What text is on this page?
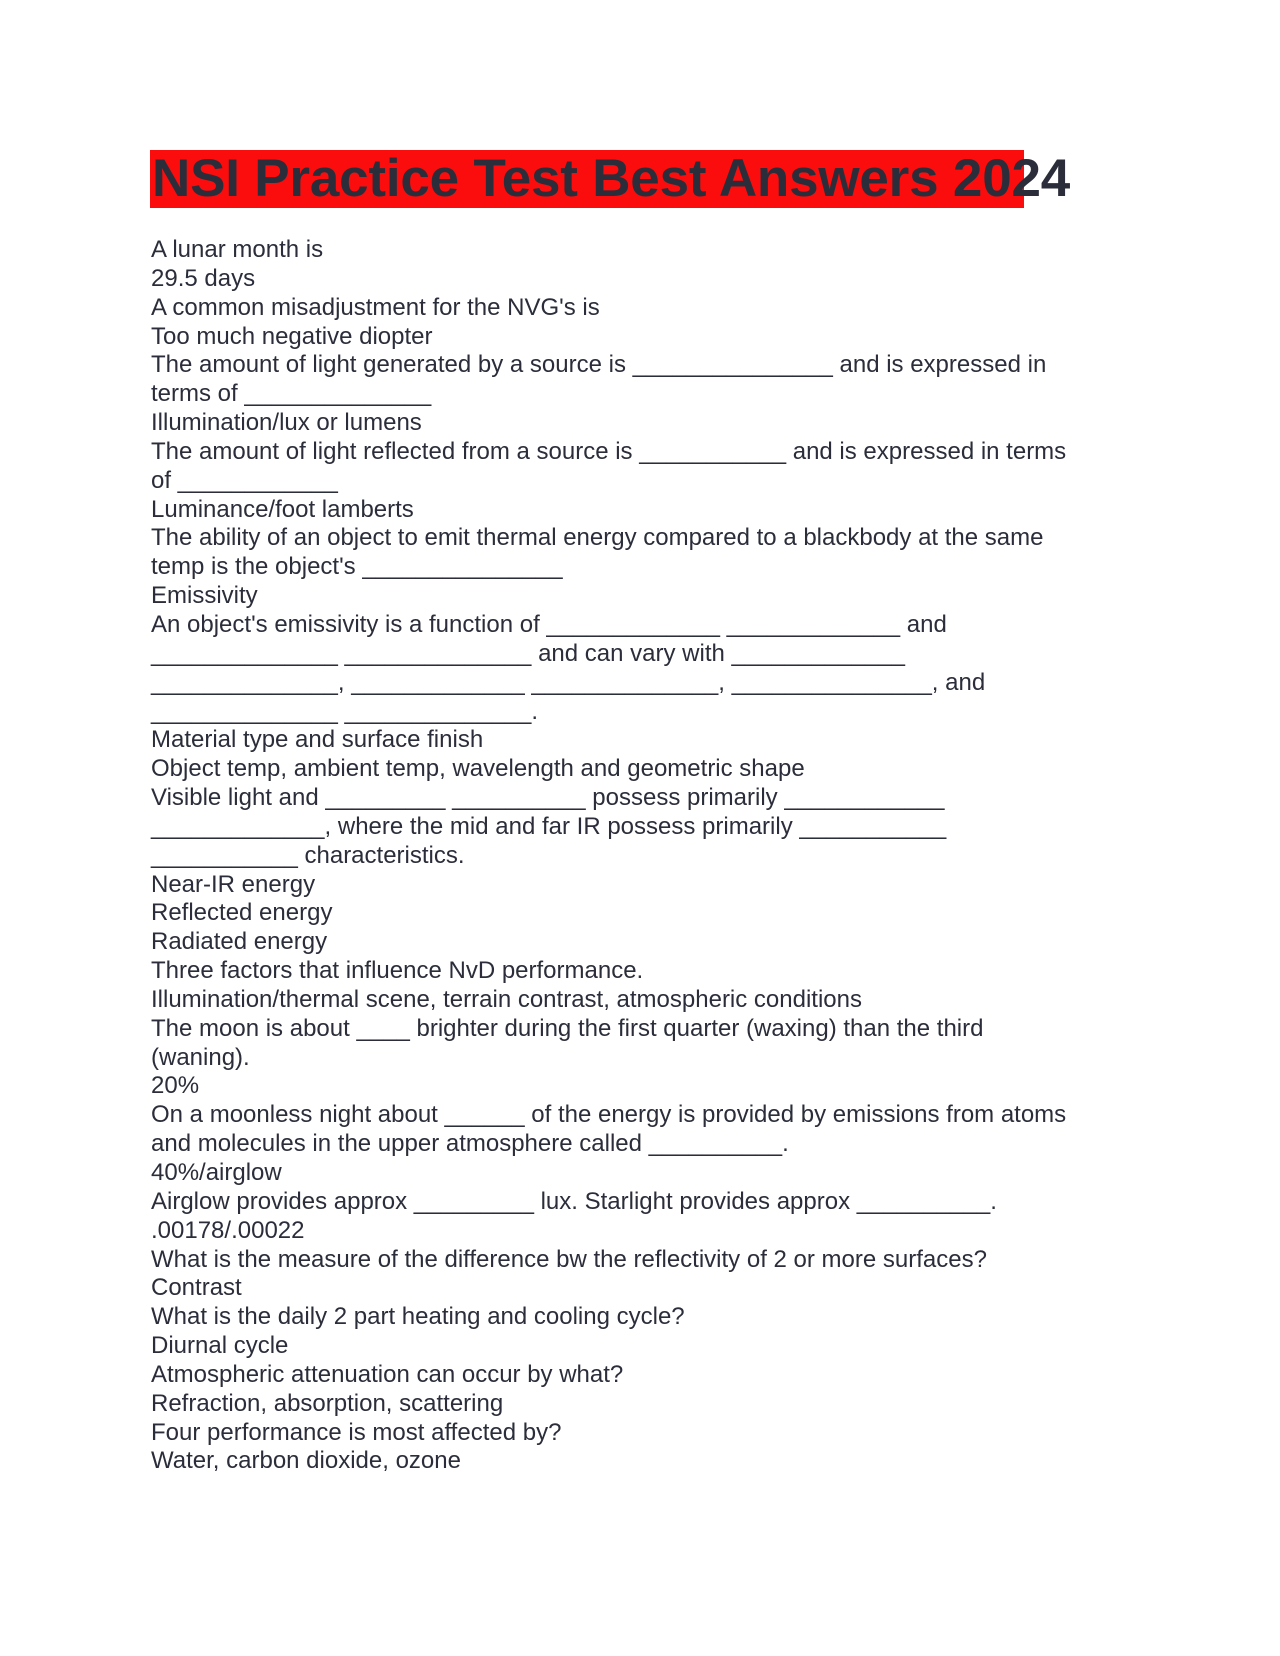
NSI Practice Test Best Answers 2024
A lunar month is
29.5 days
A common misadjustment for the NVG's is
Too much negative diopter
The amount of light generated by a source is _______________ and is expressed in
terms of ______________
Illumination/lux or lumens
The amount of light reflected from a source is ___________ and is expressed in terms
of ____________
Luminance/foot lamberts
The ability of an object to emit thermal energy compared to a blackbody at the same
temp is the object's _______________
Emissivity
An object's emissivity is a function of _____________ _____________ and
______________ ______________ and can vary with _____________
______________, _____________ ______________, _______________, and
______________ ______________.
Material type and surface finish
Object temp, ambient temp, wavelength and geometric shape
Visible light and _________ __________ possess primarily ____________
_____________, where the mid and far IR possess primarily ___________
___________ characteristics.
Near-IR energy
Reflected energy
Radiated energy
Three factors that influence NvD performance.
Illumination/thermal scene, terrain contrast, atmospheric conditions
The moon is about ____ brighter during the first quarter (waxing) than the third
(waning).
20%
On a moonless night about ______ of the energy is provided by emissions from atoms
and molecules in the upper atmosphere called __________.
40%/airglow
Airglow provides approx _________ lux. Starlight provides approx __________.
.00178/.00022
What is the measure of the difference bw the reflectivity of 2 or more surfaces?
Contrast
What is the daily 2 part heating and cooling cycle?
Diurnal cycle
Atmospheric attenuation can occur by what?
Refraction, absorption, scattering
Four performance is most affected by?
Water, carbon dioxide, ozone
